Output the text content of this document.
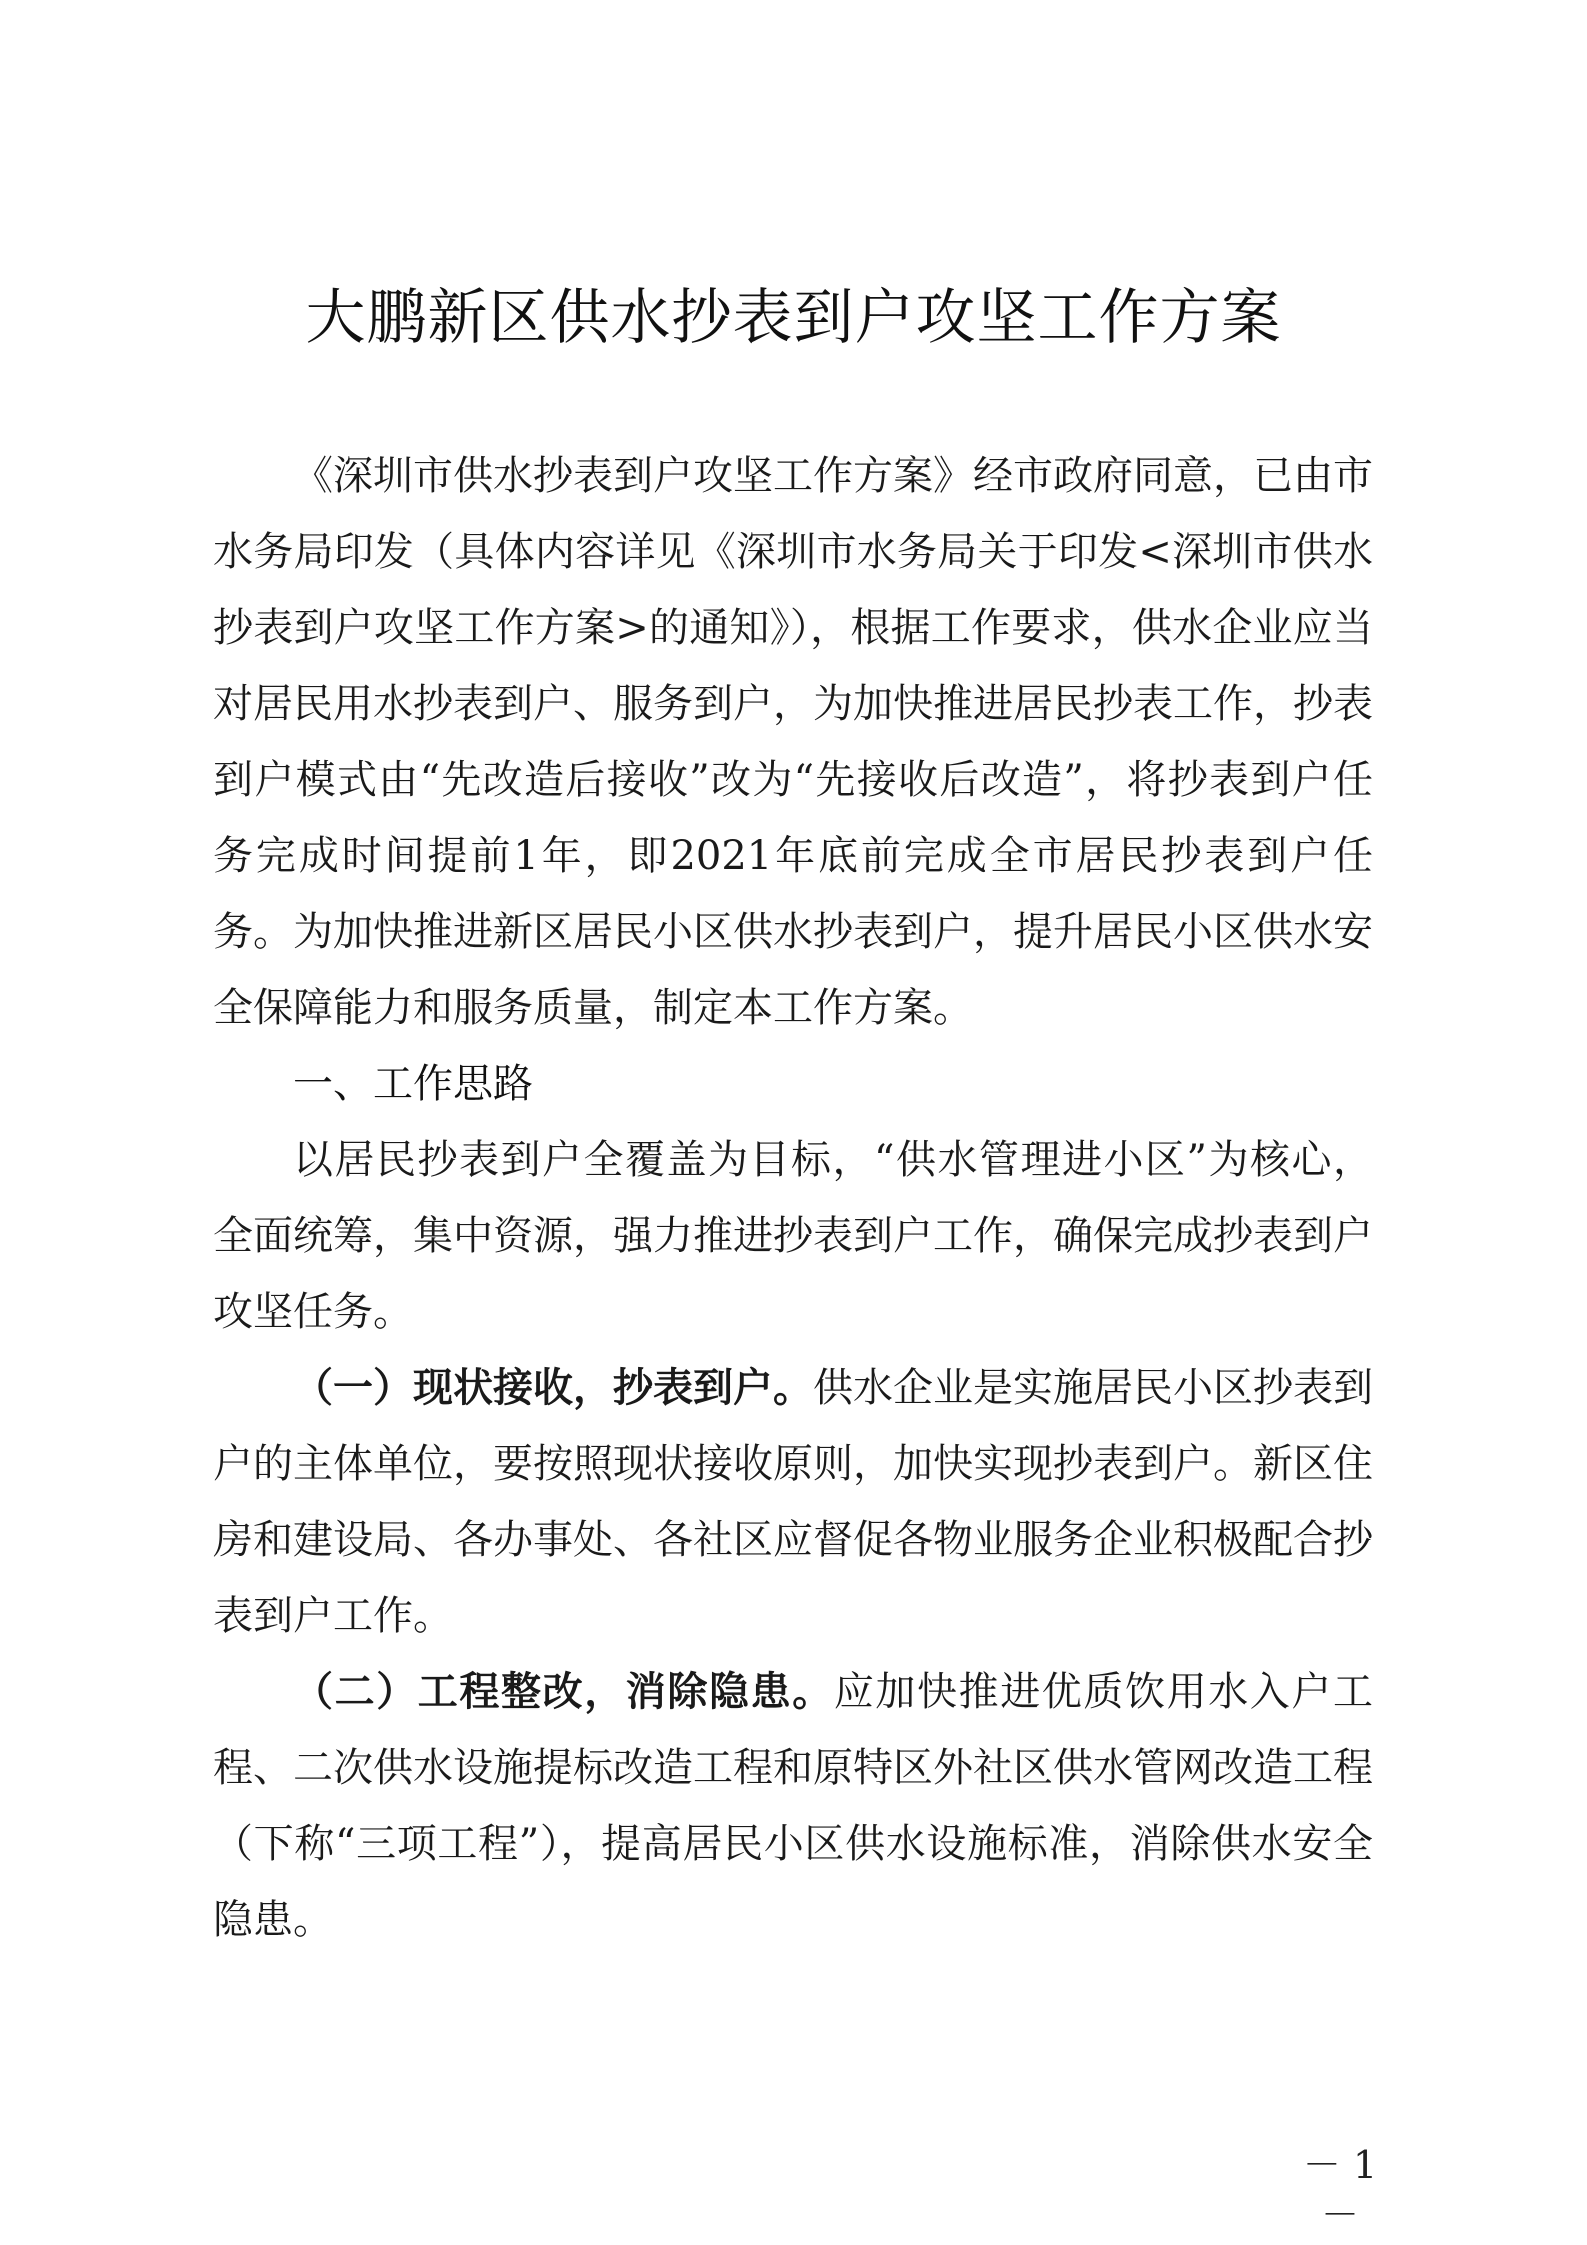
大鹏新区供水抄表到户攻坚工作方案

《深圳市供水抄表到户攻坚工作方案》经市政府同意，已由市水务局印发（具体内容详见《深圳市水务局关于印发<深圳市供水抄表到户攻坚工作方案>的通知》），根据工作要求，供水企业应当对居民用水抄表到户、服务到户，为加快推进居民抄表工作，抄表到户模式由“先改造后接收”改为“先接收后改造”，将抄表到户任务完成时间提前1年，即2021年底前完成全市居民抄表到户任务。为加快推进新区居民小区供水抄表到户，提升居民小区供水安全保障能力和服务质量，制定本工作方案。

一、工作思路

以居民抄表到户全覆盖为目标，“供水管理进小区”为核心，全面统筹，集中资源，强力推进抄表到户工作，确保完成抄表到户攻坚任务。

（一）现状接收，抄表到户。供水企业是实施居民小区抄表到户的主体单位，要按照现状接收原则，加快实现抄表到户。新区住房和建设局、各办事处、各社区应督促各物业服务企业积极配合抄表到户工作。

（二）工程整改，消除隐患。应加快推进优质饮用水入户工程、二次供水设施提标改造工程和原特区外社区供水管网改造工程（下称“三项工程”），提高居民小区供水设施标准，消除供水安全隐患。

－ 1 －
